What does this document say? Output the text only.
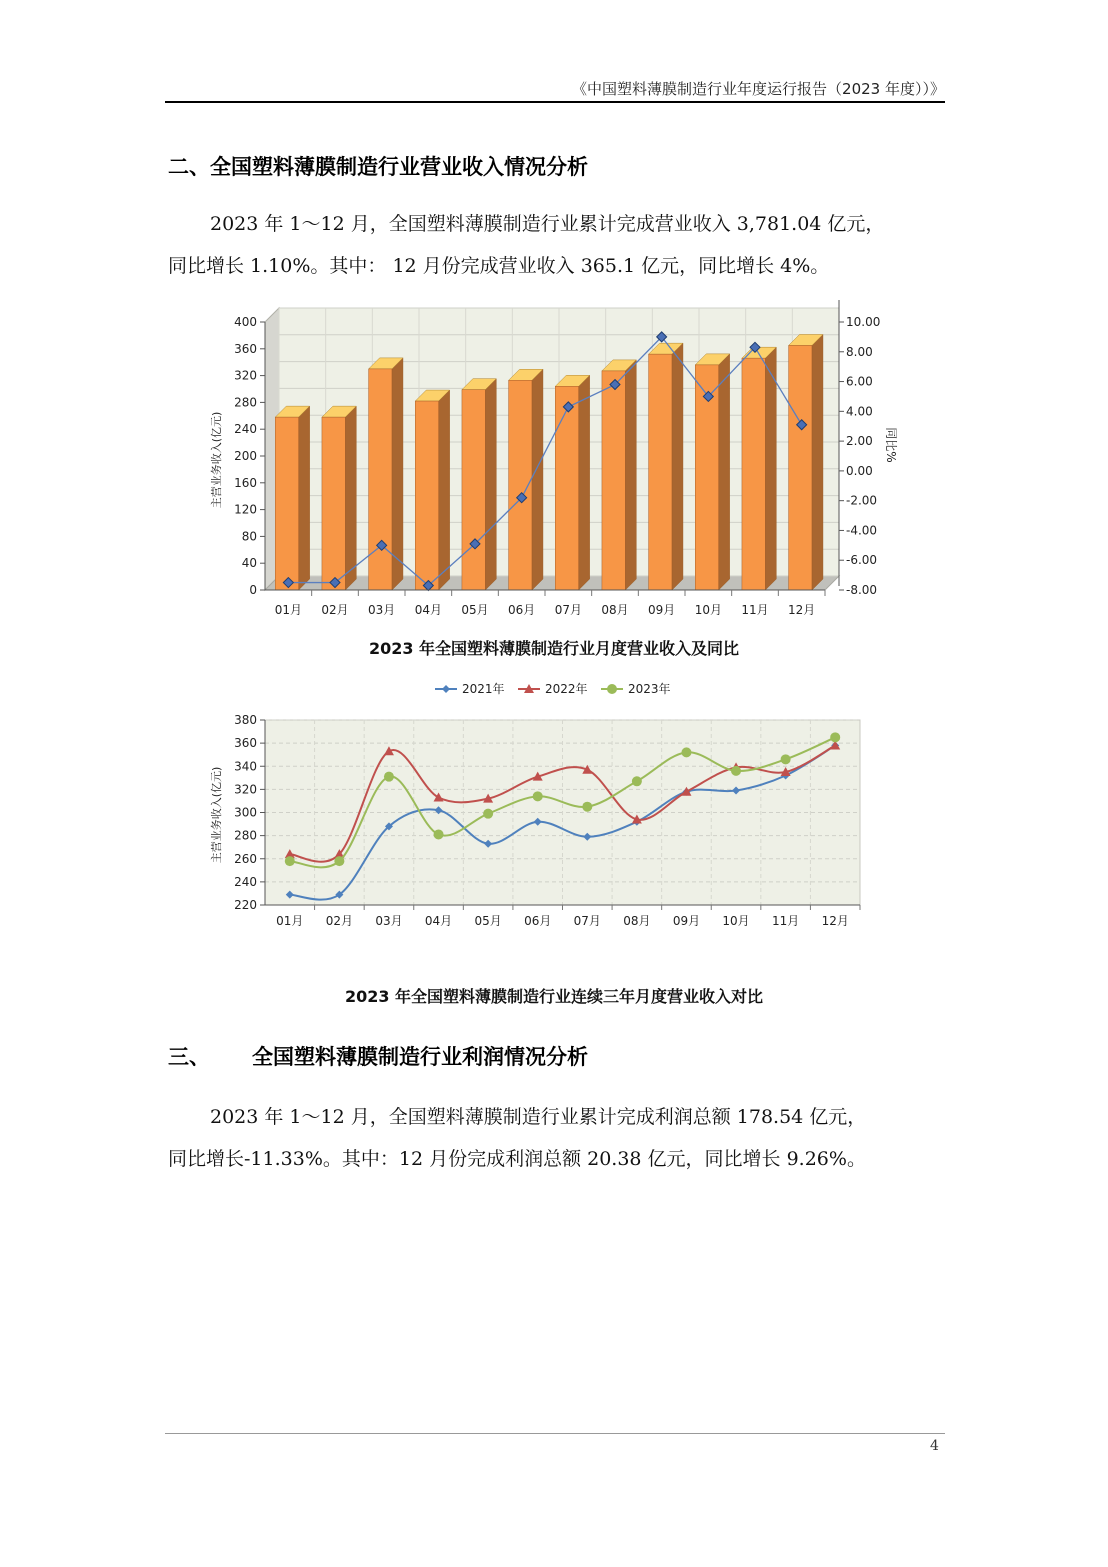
《中国塑料薄膜制造行业年度运行报告（2023 年度））》
二、全国塑料薄膜制造行业营业收入情况分析
2023 年 1～12 月，全国塑料薄膜制造行业累计完成营业收入 3,781.04 亿元，
同比增长 1.10%。其中： 12 月份完成营业收入 365.1 亿元，同比增长 4%。
0
40
80
120
160
200
240
280
320
360
400
-8.00
-6.00
-4.00
-2.00
0.00
2.00
4.00
6.00
8.00
10.00
01月 02月 03月 04月 05月 06月 07月 08月 09月 10月 11月 12月
主营业务收入(亿元)	同比%
2023 年全国塑料薄膜制造行业月度营业收入及同比
2021年	2022年	2023年
220
240
260
280
300
320
340
360
380
01月 02月 03月 04月 05月 06月 07月 08月 09月 10月 11月 12月
主营业务收入(亿元)
2023 年全国塑料薄膜制造行业连续三年月度营业收入对比
三、 全国塑料薄膜制造行业利润情况分析
2023 年 1～12 月，全国塑料薄膜制造行业累计完成利润总额 178.54 亿元，
同比增长-11.33%。其中：12 月份完成利润总额 20.38 亿元，同比增长 9.26%。
4
